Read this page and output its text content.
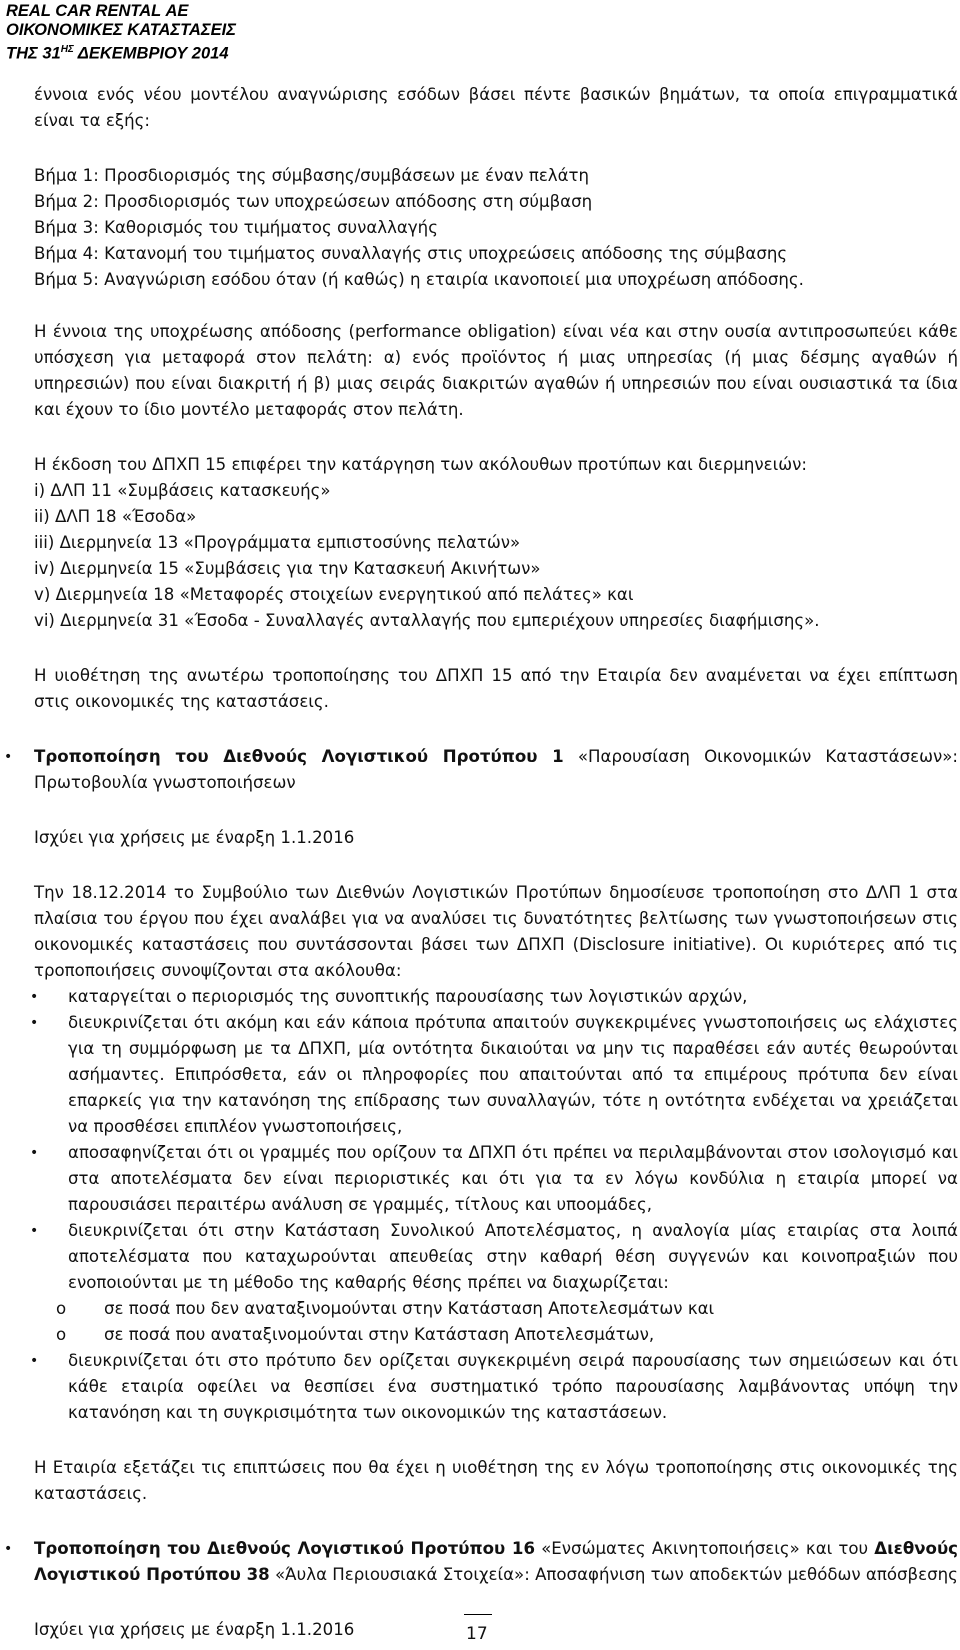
REAL CAR RENTAL ΑΕ
ΟΙΚΟΝΟΜΙΚΕΣ ΚΑΤΑΣΤΑΣΕΙΣ
ΤΗΣ $31^{H\Sigma}$ ΔΕΚΕΜΒΡΙΟΥ 2014

έννοια ενός νέου μοντέλου αναγνώρισης εσόδων βάσει πέντε βασικών βημάτων, τα οποία επιγραμματικά είναι τα εξής:

Βήμα 1: Προσδιορισμός της σύμβασης/συμβάσεων με έναν πελάτη

Βήμα 2: Προσδιορισμός των υποχρεώσεων απόδοσης στη σύμβαση

Βήμα 3: Καθορισμός του τιμήματος συναλλαγής

Βήμα 4: Κατανομή του τιμήματος συναλλαγής στις υποχρεώσεις απόδοσης της σύμβασης

Βήμα 5: Αναγνώριση εσόδου όταν (ή καθώς) η εταιρία ικανοποιεί μια υποχρέωση απόδοσης.

Η έννοια της υποχρέωσης απόδοσης (performance obligation) είναι νέα και στην ουσία αντιπροσωπεύει κάθε υπόσχεση για μεταφορά στον πελάτη: α) ενός προϊόντος ή μιας υπηρεσίας (ή μιας δέσμης αγαθών ή υπηρεσιών) που είναι διακριτή ή β) μιας σειράς διακριτών αγαθών ή υπηρεσιών που είναι ουσιαστικά τα ίδια και έχουν το ίδιο μοντέλο μεταφοράς στον πελάτη.

Η έκδοση του ΔΠΧΠ 15 επιφέρει την κατάργηση των ακόλουθων προτύπων και διερμηνειών:

i) ΔΛΠ 11 «Συμβάσεις κατασκευής»

ii) ΔΛΠ 18 «Έσοδα»

iii) Διερμηνεία 13 «Προγράμματα εμπιστοσύνης πελατών»

iv) Διερμηνεία 15 «Συμβάσεις για την Κατασκευή Ακινήτων»

v) Διερμηνεία 18 «Μεταφορές στοιχείων ενεργητικού από πελάτες» και

vi) Διερμηνεία 31 «Έσοδα - Συναλλαγές ανταλλαγής που εμπεριέχουν υπηρεσίες διαφήμισης».

Η υιοθέτηση της ανωτέρω τροποποίησης του ΔΠΧΠ 15 από την Εταιρία δεν αναμένεται να έχει επίπτωση στις οικονομικές της καταστάσεις.

• Τροποποίηση του Διεθνούς Λογιστικού Προτύπου 1 «Παρουσίαση Οικονομικών Καταστάσεων»: Πρωτοβουλία γνωστοποιήσεων

Ισχύει για χρήσεις με έναρξη 1.1.2016

Την 18.12.2014 το Συμβούλιο των Διεθνών Λογιστικών Προτύπων δημοσίευσε τροποποίηση στο ΔΛΠ 1 στα πλαίσια του έργου που έχει αναλάβει για να αναλύσει τις δυνατότητες βελτίωσης των γνωστοποιήσεων στις οικονομικές καταστάσεις που συντάσσονται βάσει των ΔΠΧΠ (Disclosure initiative). Οι κυριότερες από τις τροποποιήσεις συνοψίζονται στα ακόλουθα:

• καταργείται ο περιορισμός της συνοπτικής παρουσίασης των λογιστικών αρχών,
• διευκρινίζεται ότι ακόμη και εάν κάποια πρότυπα απαιτούν συγκεκριμένες γνωστοποιήσεις ως ελάχιστες για τη συμμόρφωση με τα ΔΠΧΠ, μία οντότητα δικαιούται να μην τις παραθέσει εάν αυτές θεωρούνται ασήμαντες. Επιπρόσθετα, εάν οι πληροφορίες που απαιτούνται από τα επιμέρους πρότυπα δεν είναι επαρκείς για την κατανόηση της επίδρασης των συναλλαγών, τότε η οντότητα ενδέχεται να χρειάζεται να προσθέσει επιπλέον γνωστοποιήσεις,
• αποσαφηνίζεται ότι οι γραμμές που ορίζουν τα ΔΠΧΠ ότι πρέπει να περιλαμβάνονται στον ισολογισμό και στα αποτελέσματα δεν είναι περιοριστικές και ότι για τα εν λόγω κονδύλια η εταιρία μπορεί να παρουσιάσει περαιτέρω ανάλυση σε γραμμές, τίτλους και υποομάδες,
• διευκρινίζεται ότι στην Κατάσταση Συνολικού Αποτελέσματος, η αναλογία μίας εταιρίας στα λοιπά αποτελέσματα που καταχωρούνται απευθείας στην καθαρή θέση συγγενών και κοινοπραξιών που ενοποιούνται με τη μέθοδο της καθαρής θέσης πρέπει να διαχωρίζεται:
o σε ποσά που δεν αναταξινομούνται στην Κατάσταση Αποτελεσμάτων και
o σε ποσά που αναταξινομούνται στην Κατάσταση Αποτελεσμάτων,
• διευκρινίζεται ότι στο πρότυπο δεν ορίζεται συγκεκριμένη σειρά παρουσίασης των σημειώσεων και ότι κάθε εταιρία οφείλει να θεσπίσει ένα συστηματικό τρόπο παρουσίασης λαμβάνοντας υπόψη την κατανόηση και τη συγκρισιμότητα των οικονομικών της καταστάσεων.

Η Εταιρία εξετάζει τις επιπτώσεις που θα έχει η υιοθέτηση της εν λόγω τροποποίησης στις οικονομικές της καταστάσεις.

• Τροποποίηση του Διεθνούς Λογιστικού Προτύπου 16 «Ενσώματες Ακινητοποιήσεις» και του Διεθνούς Λογιστικού Προτύπου 38 «Άυλα Περιουσιακά Στοιχεία»: Αποσαφήνιση των αποδεκτών μεθόδων απόσβεσης

Ισχύει για χρήσεις με έναρξη 1.1.2016	17
